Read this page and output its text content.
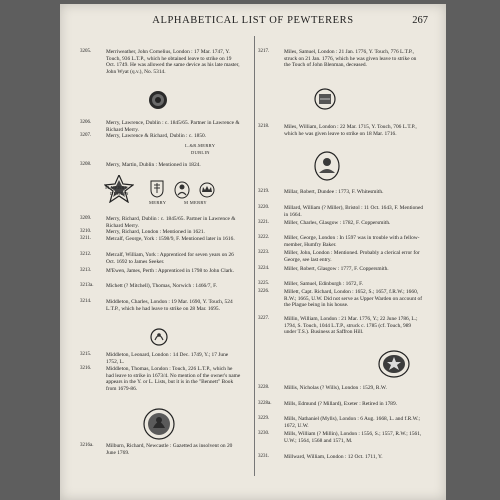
ALPHABETICAL LIST OF PEWTERERS	267
3205.	Merriweather, John Cornelius, London : 17 Mar. 1747, Y. Touch, 936 L.T.P., which he obtained leave to strike on 19 Oct. 1749. He was allowed the same device as his late master, John Wyat (q.v.), No. 5314.
3206.	Merry, Lawrence, Dublin : c. 1845/65. Partner in Lawrence & Richard Merry.
3207.	Merry, Lawrence & Richard, Dublin : c. 1850.
L.&R.MERRY
DUBLIN
3208.	Merry, Martin, Dublin : Mentioned in 1824.
M MERRY
DUBLIN
MERRY	M MERRY
3209.	Merry, Richard, Dublin : c. 1845/65. Partner in Lawrence & Richard Merry.
3210.	Merry, Richard, London : Mentioned in 1621.
3211.	Metcalf, George, York : 1598/9, F. Mentioned later in 1616.
3212.	Metcalf, William, York : Apprenticed for seven years on 26 Oct. 1692 to James Seeker.
3213.	M'Ewen, James, Perth : Apprenticed in 1798 to John Clark.
3213a.	Michett (? Mitchell), Thomas, Norwich : 1466/7, F.
3214.	Middleton, Charles, London : 19 Mar. 1690, Y. Touch, 524 L.T.P., which he had leave to strike on 28 Mar. 1695.
3215.	Middleton, Leonard, London : 14 Dec. 1749, Y.; 17 June 1752, L.
3216.	Middleton, Thomas, London : Touch, 226 L.T.P., which he had leave to strike in 1673/4. No mention of the owner's name appears in the Y. or L. Lists, but it is in the "Bennett" Book from 1679-86.
3216a.	Milburn, Richard, Newcastle : Gazetted as insolvent on 20 June 1769.
3217.	Miles, Samuel, London : 21 Jan. 1776, Y. Touch, 776 L.T.P., struck on 21 Jan. 1776, which he was given leave to strike on the Touch of John Blenman, deceased.
3218.	Miles, William, London : 22 Mar. 1715, Y. Touch, 706 L.T.P., which he was given leave to strike on 18 Mar. 1716.
3219.	Millar, Robert, Dundee : 1773, F. Whitesmith.
3220.	Millard, William (? Miller), Bristol : 11 Oct. 1643, F. Mentioned in 1664.
3221.	Miller, Charles, Glasgow : 1782, F. Coppersmith.
3222.	Miller, George, London : In 1597 was in trouble with a fellow-member, Humfry Baker.
3223.	Miller, John, London : Mentioned. Probably a clerical error for George, see last entry.
3224.	Miller, Robert, Glasgow : 1777, F. Coppersmith.
3225.	Miller, Samuel, Edinburgh : 1672, F.
3226.	Millett, Capt. Richard, London : 1652, S.; 1657, f.R.W.; 1660, R.W.; 1665, U.W. Did not serve as Upper Warden on account of the Plague being in his house.
3227.	Millin, William, London : 21 Mar. 1776, Y.; 22 June 1786, L.; 1794, S. Touch, 1044 L.T.P., struck c. 1785 (cf. Touch, 989 under T.S.). Business at Saffron Hill.
3228.	Millis, Nicholas (? Wills), London : 1529, R.W.
3228a.	Mills, Edmund (? Millard), Exeter : Retired in 1789.
3229.	Mills, Nathaniel (Mylls), London : 6 Aug. 1668, L. and f.R.W.; 1672, U.W.
3230.	Mills, William (? Millin), London : 1556, S.; 1557, R.W.; 1561, U.W.; 1564, 1568 and 1571, M.
3231.	Millward, William, London : 12 Oct. 1711, Y.
